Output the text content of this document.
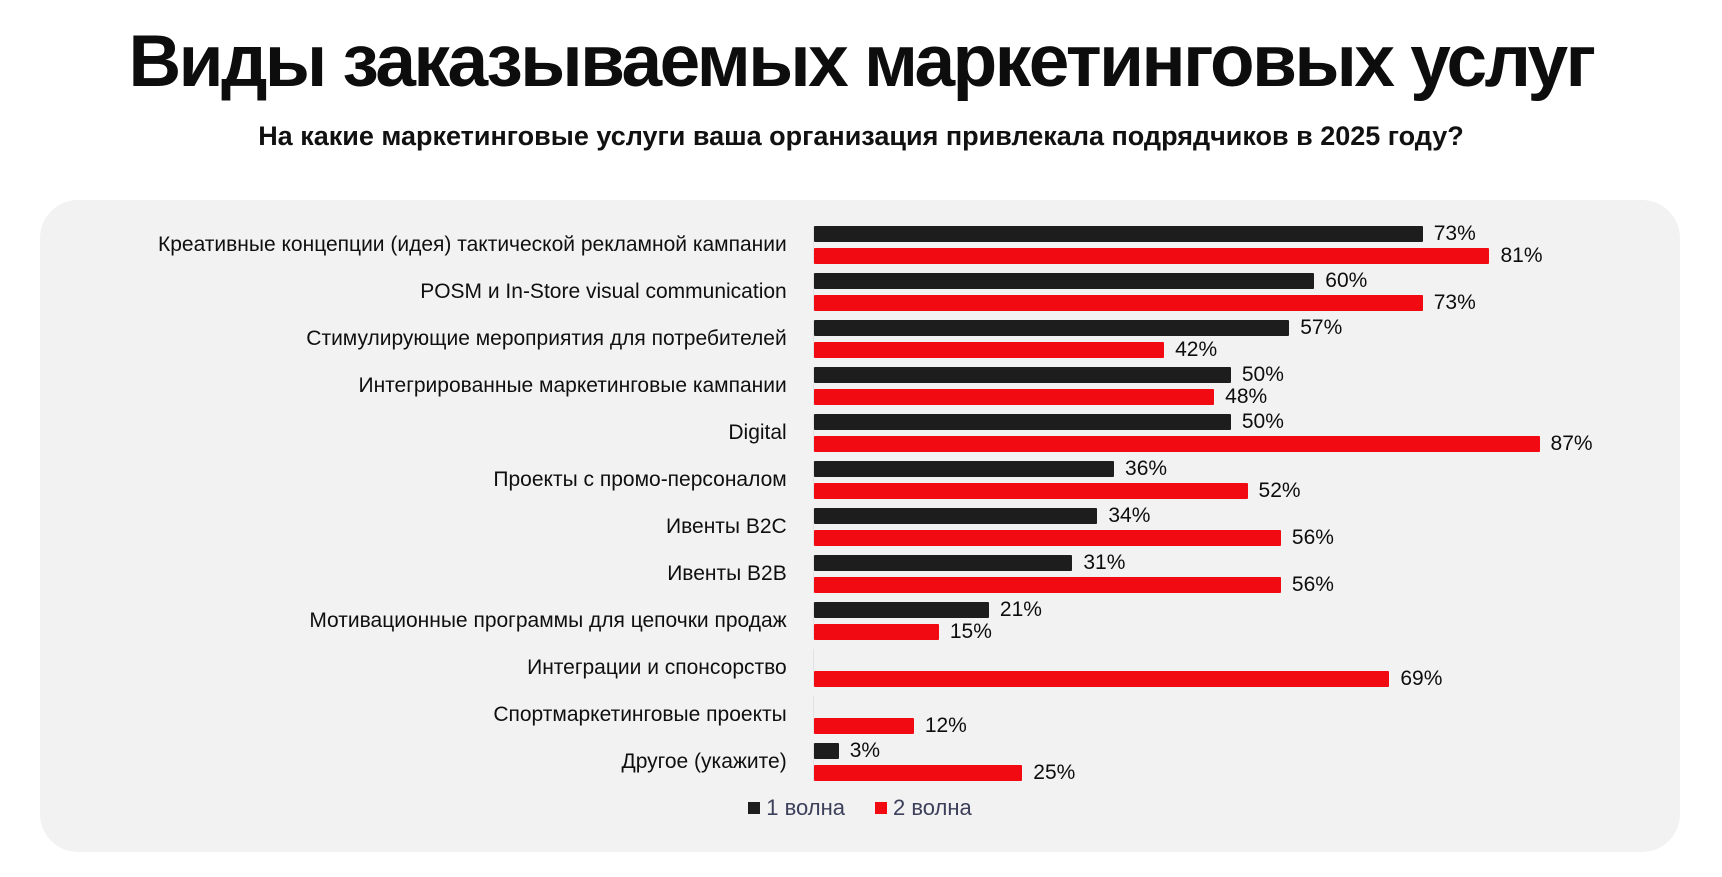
Виды заказываемых маркетинговых услуг

На какие маркетинговые услуги ваша организация привлекала подрядчиков в 2025 году?

Креативные концепции (идея) тактической рекламной кампании	73%
81%
POSM и In-Store visual communication	60%
73%
Стимулирующие мероприятия для потребителей	57%
42%
Интегрированные маркетинговые кампании	50%
48%
Digital	50%
87%
Проекты с промо-персоналом	36%
52%
Ивенты B2C	34%
56%
Ивенты B2B	31%
56%
Мотивационные программы для цепочки продаж	21%
15%
Интеграции и спонсорство	69%
Спортмаркетинговые проекты	12%
Другое (укажите)	3%
25%
1 волна 2 волна
